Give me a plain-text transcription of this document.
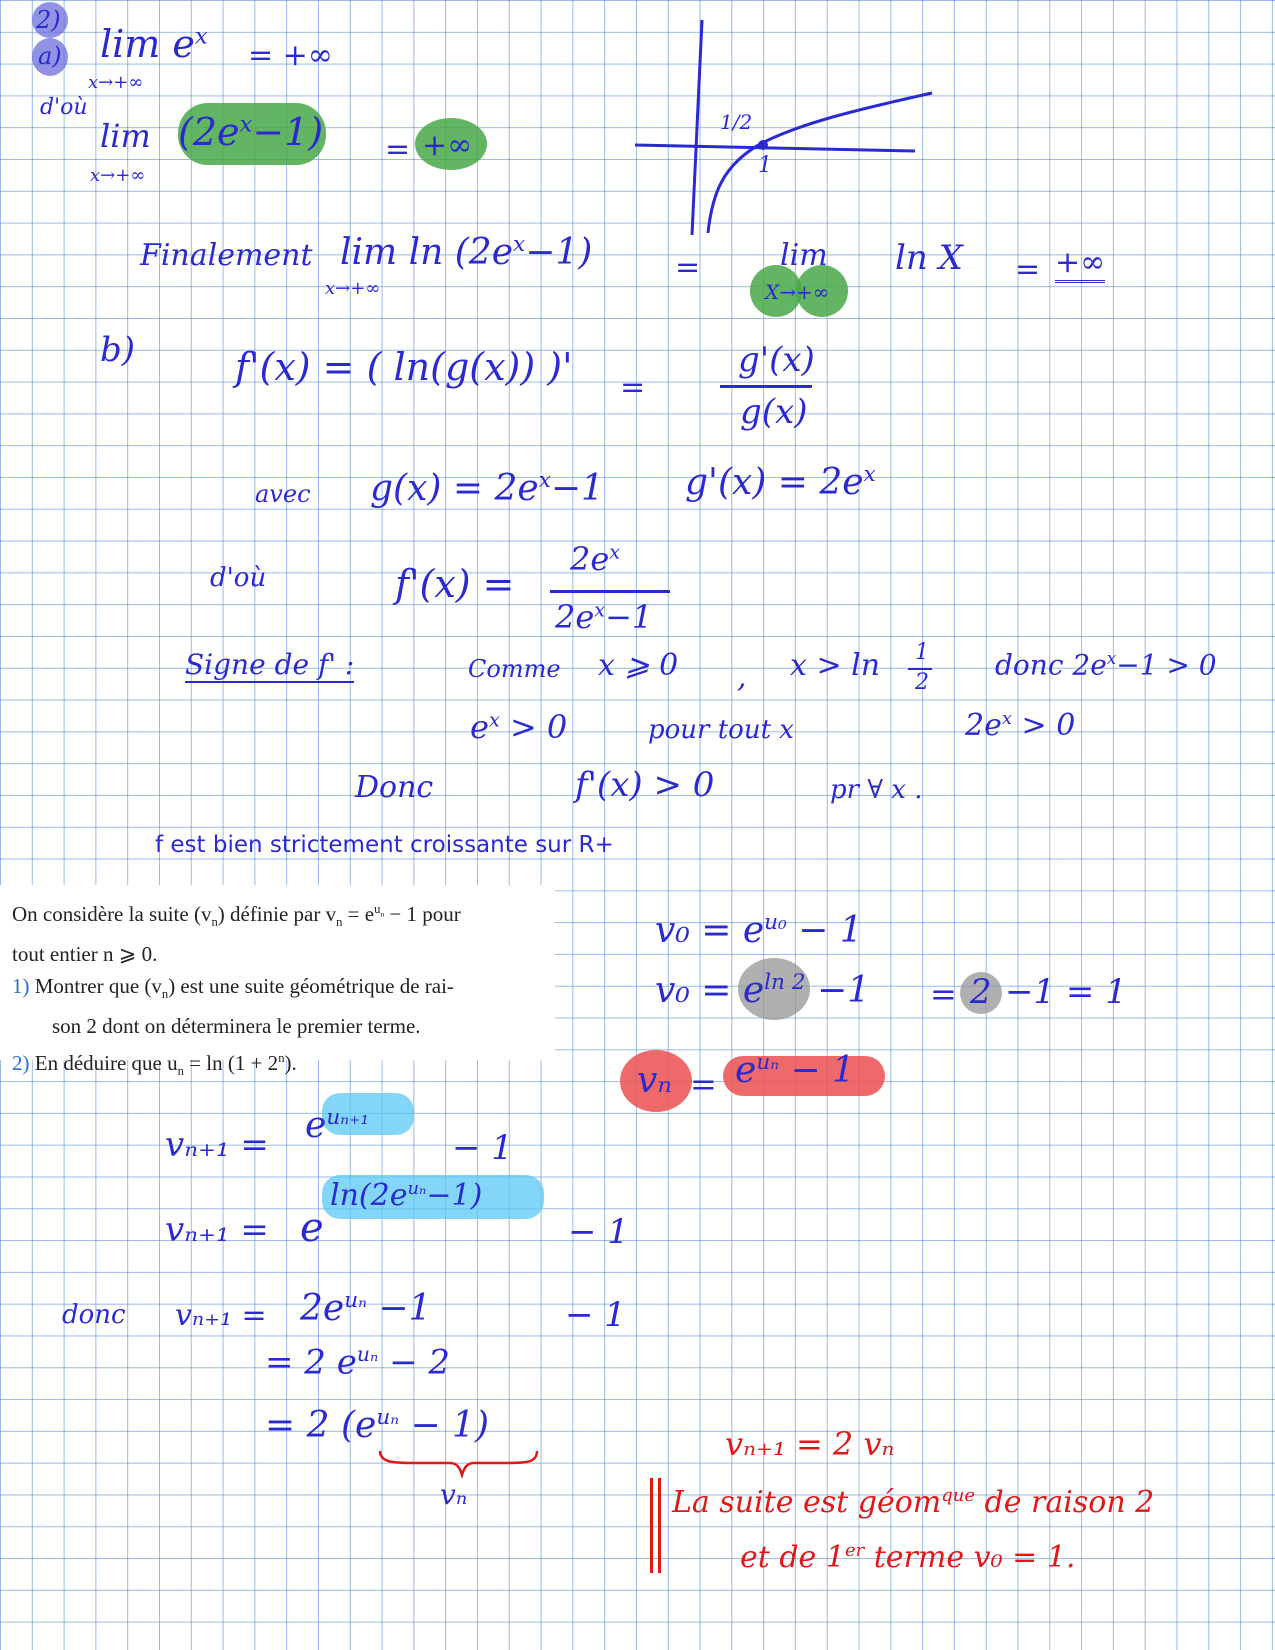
1/2
1
2)
a) $\lim e^x$
x→+∞
= +∞
d'où
$\lim (2e^x-1)$
x→+∞
= +∞
Finalement $\lim \ln (2e^x-1)$
x→+∞
=	lim
X→+∞
ln X = +∞
b)	f'(x) = ( ln(g(x)) )' =
g'(x)
g(x)
avec $g(x) = 2e^x-1$ $g'(x) = 2e^x$
d'où	f'(x) =
$2e^x$
$2e^x-1$
Signe de f' :	Comme x ⩾ 0 , x > ln 1
2
donc $2e^x-1 > 0$
$e^x > 0$	pour tout x	$2e^x > 0$
Donc	f'(x) > 0	pr ∀ x .
f est bien strictement croissante sur R+

On considère la suite $(v_n)$ définie par $v_n = e^{u_n} - 1$ pour

tout entier n ⩾ 0.

1) Montrer que $(v_n)$ est une suite géométrique de rai-

son 2 dont on déterminera le premier terme.

2) En déduire que $u_n = \ln (1 + 2^n)$.

$v_0 = e^{u_0} - 1$
$v_0 = e^{ln 2} -1 = 2 -1 = 1$
$v_n = e^{u_n} - 1$
$v_{n+1} = e^{u_{n+1}}$
− 1
vₙ₊₁ = e
$\ln(2e^{u_n}-1)$
− 1
donc $v_{n+1} = 2e^{u_n} -1$	− 1
= 2 $e^{u_n} - 2$
= 2 $(e^{u_n} - 1)$
vₙ
vₙ₊₁ = 2 vₙ
La suite est géom$^{que}$ de raison 2
et de 1er terme v₀ = 1.
